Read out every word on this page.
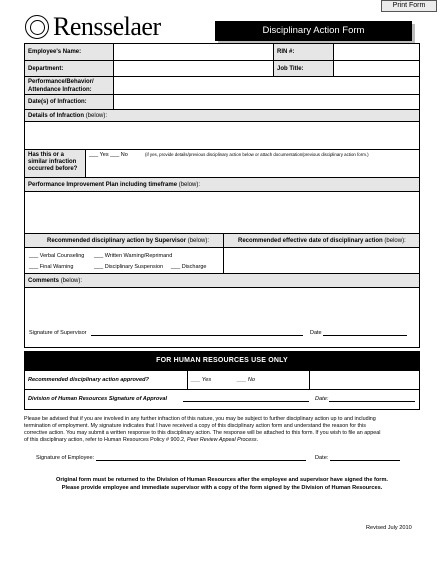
Print Form
Rensselaer	Disciplinary Action Form
Employee's Name:	RIN #:
Department:	Job Title:
Performance/Behavior/
Attendance Infraction:
Date(s) of Infraction:
Details of Infraction (below):
Has this or a
similar infraction
occurred before?
___ Yes ___ No	(if yes, provide details/previous disciplinary action below or attach documentation/previous disciplinary action form.)
Performance Improvement Plan including timeframe (below):
Recommended disciplinary action by Supervisor (below):	Recommended effective date of disciplinary action (below):
___ Verbal Counseling ___ Written Warning/Reprimand
___ Final Warning	___ Disciplinary Suspension ___ Discharge
Comments (below):
Signature of Supervisor	Date
FOR HUMAN RESOURCES USE ONLY
Recommended disciplinary action approved?	___ Yes	___ No
Division of Human Resources Signature of Approval	Date:
Please be advised that if you are involved in any further infraction of this nature, you may be subject to further disciplinary action up to and including
termination of employment. My signature indicates that I have received a copy of this disciplinary action form and understand the reason for this
corrective action. You may submit a written response to this disciplinary action. The response will be attached to this form. If you wish to file an appeal
of this disciplinary action, refer to Human Resources Policy # 900.2, Peer Review Appeal Process.
Signature of Employee:	Date:
Original form must be returned to the Division of Human Resources after the employee and supervisor have signed the form.
Please provide employee and immediate supervisor with a copy of the form signed by the Division of Human Resources.
Revised July 2010
